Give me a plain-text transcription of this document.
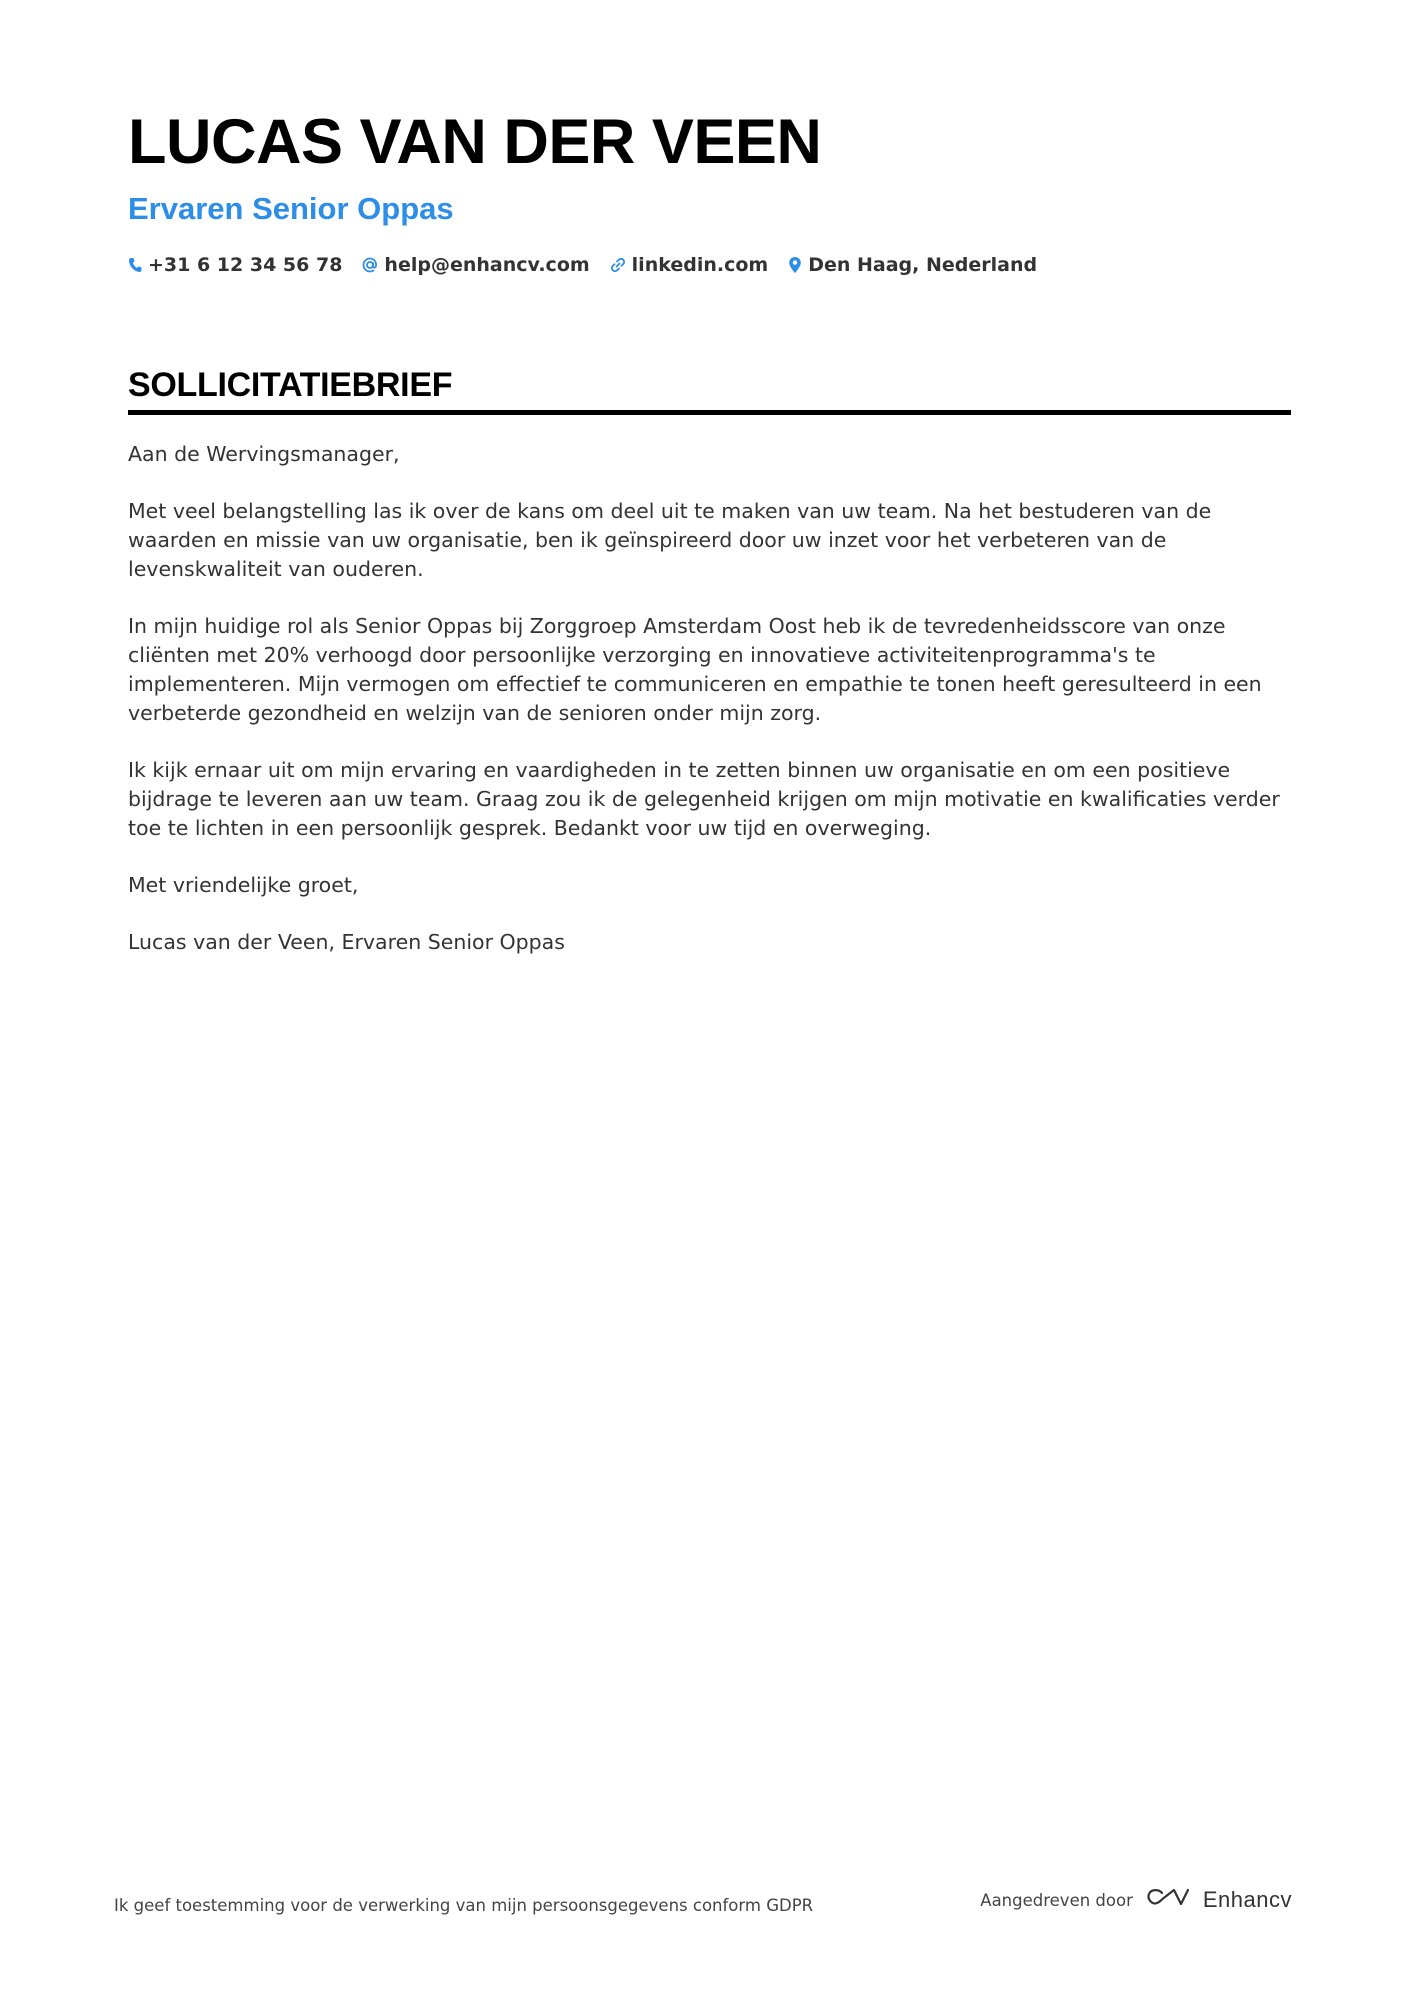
LUCAS VAN DER VEEN
Ervaren Senior Oppas
+31 6 12 34 56 78 help@enhancv.com linkedin.com Den Haag, Nederland
SOLLICITATIEBRIEF

Aan de Wervingsmanager,

Met veel belangstelling las ik over de kans om deel uit te maken van uw team. Na het bestuderen van de waarden en missie van uw organisatie, ben ik geïnspireerd door uw inzet voor het verbeteren van de levenskwaliteit van ouderen.

In mijn huidige rol als Senior Oppas bij Zorggroep Amsterdam Oost heb ik de tevredenheidsscore van onze cliënten met 20% verhoogd door persoonlijke verzorging en innovatieve activiteitenprogramma's te implementeren. Mijn vermogen om effectief te communiceren en empathie te tonen heeft geresulteerd in een verbeterde gezondheid en welzijn van de senioren onder mijn zorg.

Ik kijk ernaar uit om mijn ervaring en vaardigheden in te zetten binnen uw organisatie en om een positieve bijdrage te leveren aan uw team. Graag zou ik de gelegenheid krijgen om mijn motivatie en kwalificaties verder toe te lichten in een persoonlijk gesprek. Bedankt voor uw tijd en overweging.

Met vriendelijke groet,

Lucas van der Veen, Ervaren Senior Oppas

Ik geef toestemming voor de verwerking van mijn persoonsgegevens conform GDPR	Aangedreven door	Enhancv
